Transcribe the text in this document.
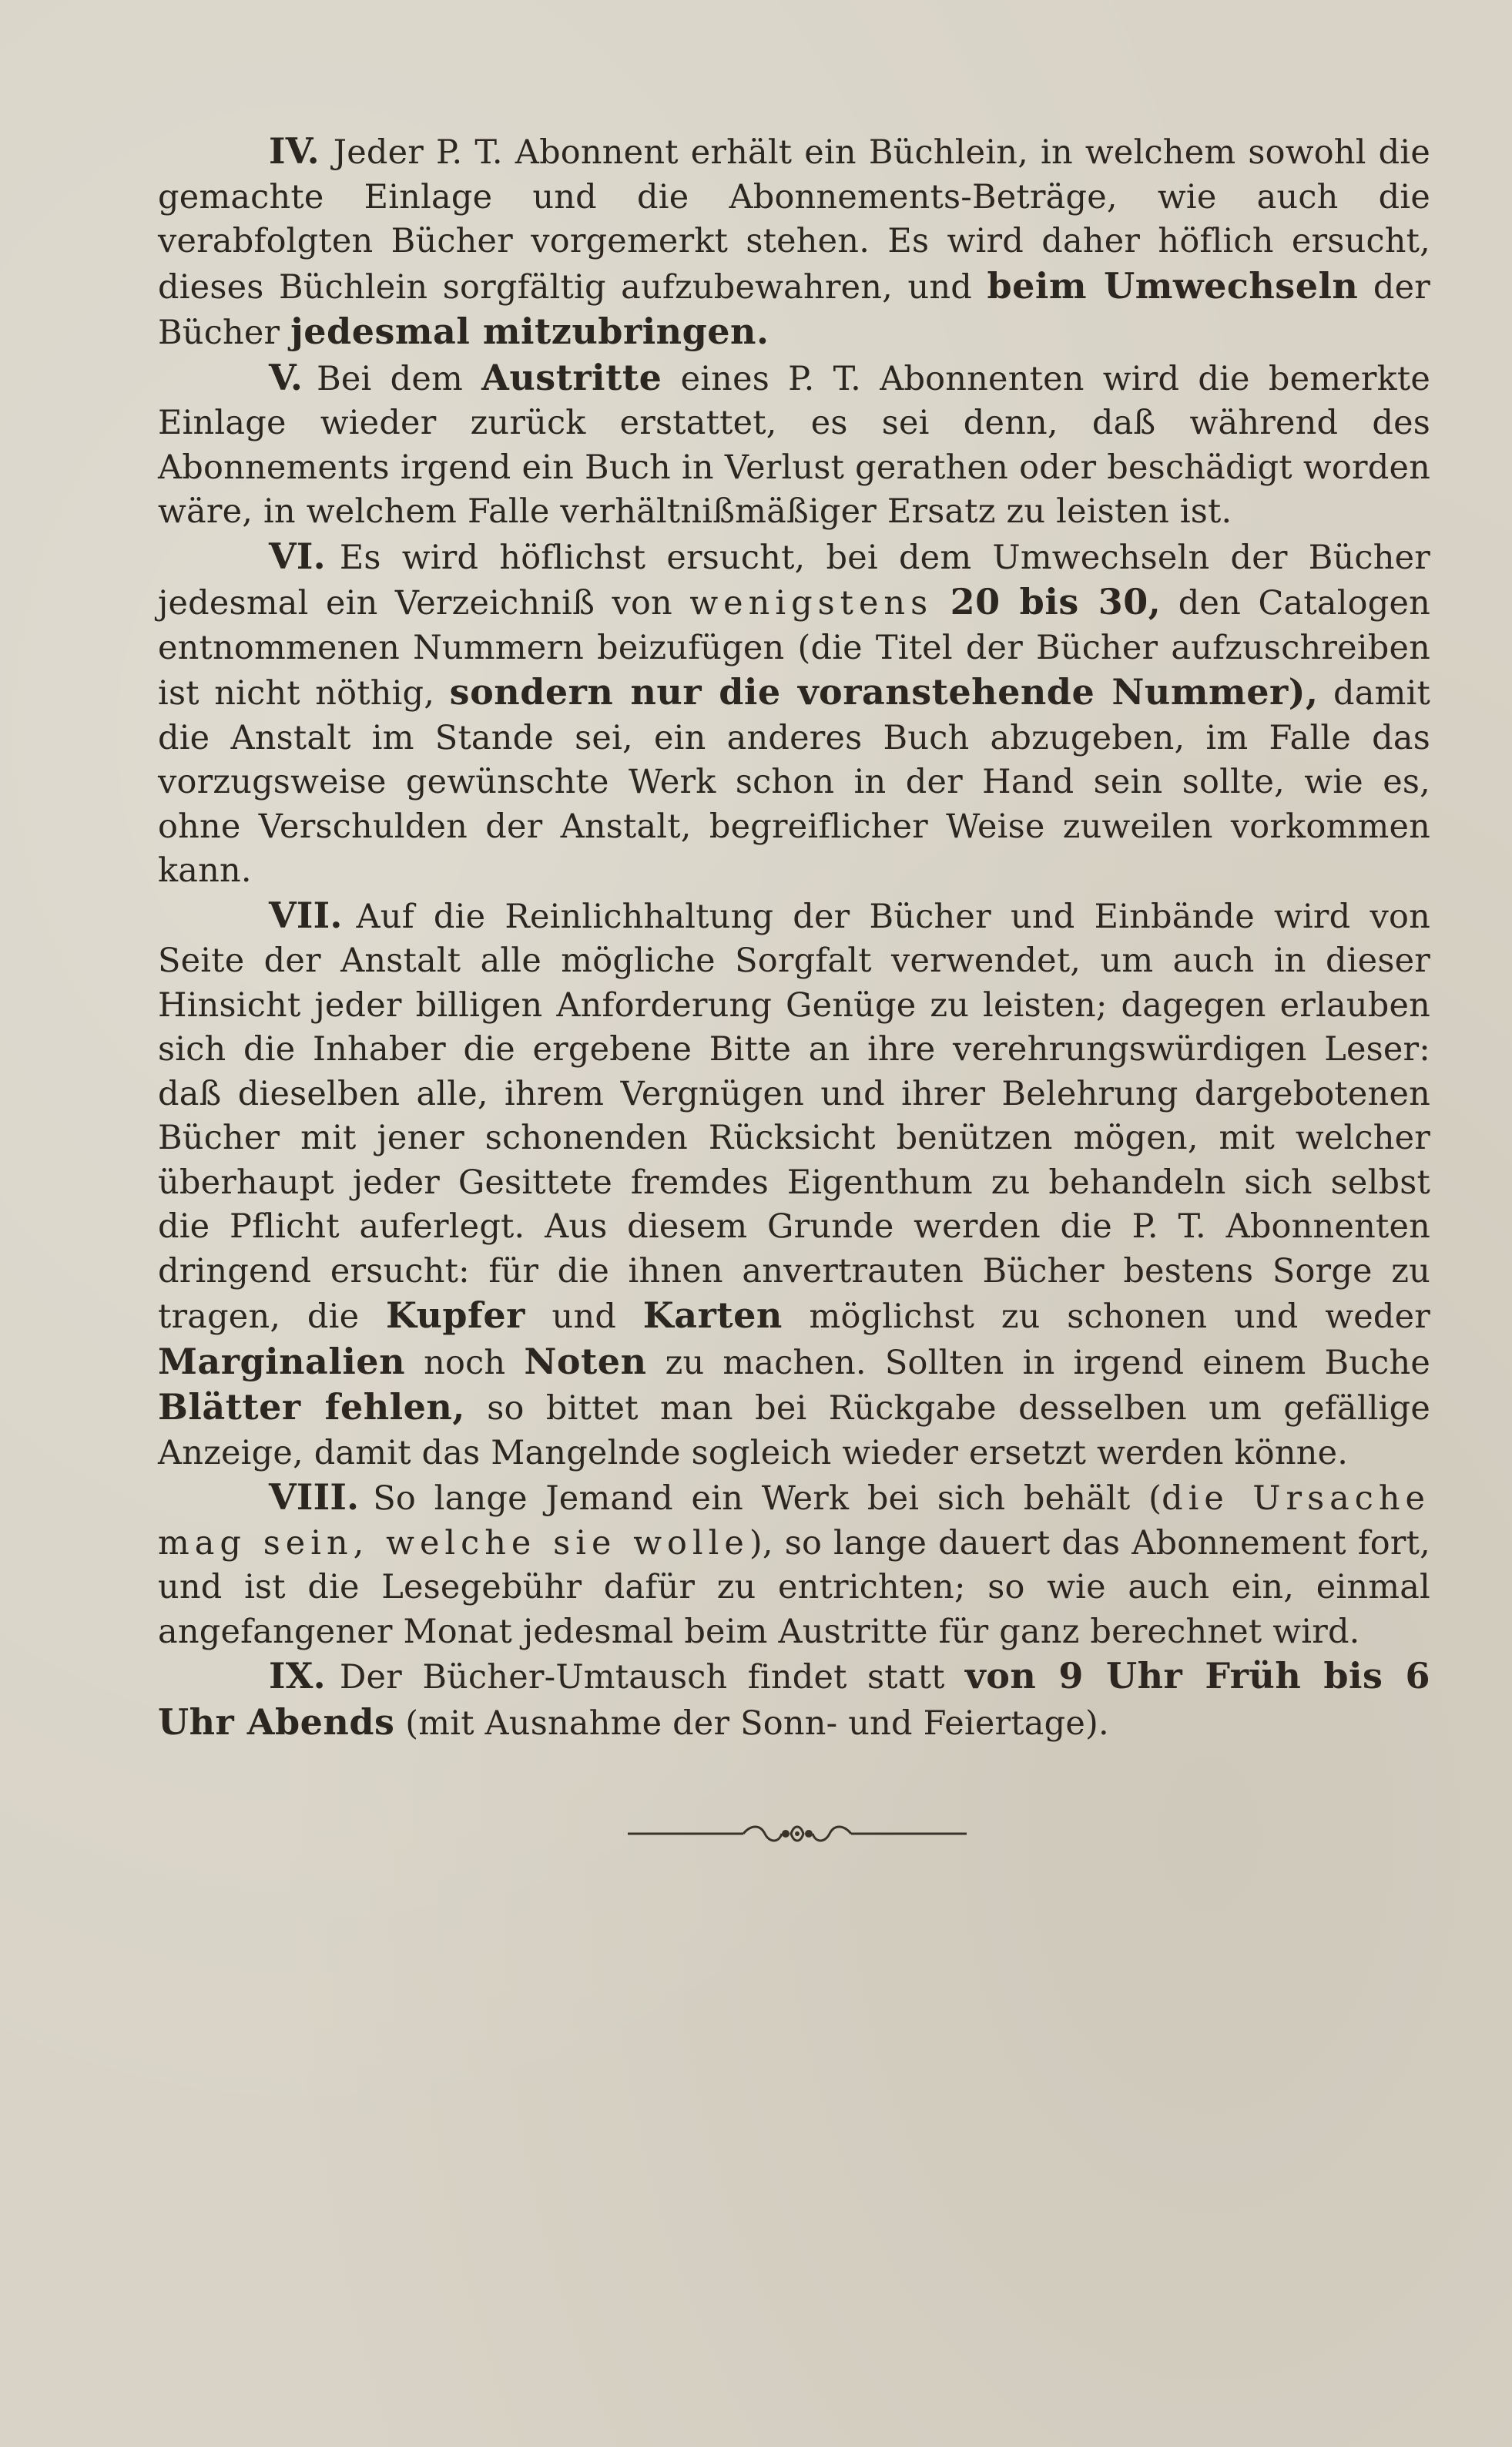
IV. Jeder P. T. Abonnent erhält ein Büchlein, in welchem sowohl die gemachte Einlage und die Abonnements-Beträge, wie auch die verabfolgten Bücher vorgemerkt stehen. Es wird daher höflich ersucht, dieses Büchlein sorgfältig aufzubewahren, und beim Umwechseln der Bücher jedesmal mitzubringen.

V. Bei dem Austritte eines P. T. Abonnenten wird die bemerkte Einlage wieder zurück erstattet, es sei denn, daß während des Abonnements irgend ein Buch in Verlust gerathen oder beschädigt worden wäre, in welchem Falle verhältnißmäßiger Ersatz zu leisten ist.

VI. Es wird höflichst ersucht, bei dem Umwechseln der Bücher jedesmal ein Verzeichniß von wenigstens 20 bis 30, den Catalogen entnommenen Nummern beizufügen (die Titel der Bücher aufzuschreiben ist nicht nöthig, sondern nur die voranstehende Nummer), damit die Anstalt im Stande sei, ein anderes Buch abzugeben, im Falle das vorzugsweise gewünschte Werk schon in der Hand sein sollte, wie es, ohne Verschulden der Anstalt, begreiflicher Weise zuweilen vorkommen kann.

VII. Auf die Reinlichhaltung der Bücher und Einbände wird von Seite der Anstalt alle mögliche Sorgfalt verwendet, um auch in dieser Hinsicht jeder billigen Anforderung Genüge zu leisten; dagegen erlauben sich die Inhaber die ergebene Bitte an ihre verehrungswürdigen Leser: daß dieselben alle, ihrem Vergnügen und ihrer Belehrung dargebotenen Bücher mit jener schonenden Rücksicht benützen mögen, mit welcher überhaupt jeder Gesittete fremdes Eigenthum zu behandeln sich selbst die Pflicht auferlegt. Aus diesem Grunde werden die P. T. Abonnenten dringend ersucht: für die ihnen anvertrauten Bücher bestens Sorge zu tragen, die Kupfer und Karten möglichst zu schonen und weder Marginalien noch Noten zu machen. Sollten in irgend einem Buche Blätter fehlen, so bittet man bei Rückgabe desselben um gefällige Anzeige, damit das Mangelnde sogleich wieder ersetzt werden könne.

VIII. So lange Jemand ein Werk bei sich behält (die Ursache mag sein, welche sie wolle), so lange dauert das Abonnement fort, und ist die Lesegebühr dafür zu entrichten; so wie auch ein, einmal angefangener Monat jedesmal beim Austritte für ganz berechnet wird.

IX. Der Bücher-Umtausch findet statt von 9 Uhr Früh bis 6 Uhr Abends (mit Ausnahme der Sonn- und Feiertage).
